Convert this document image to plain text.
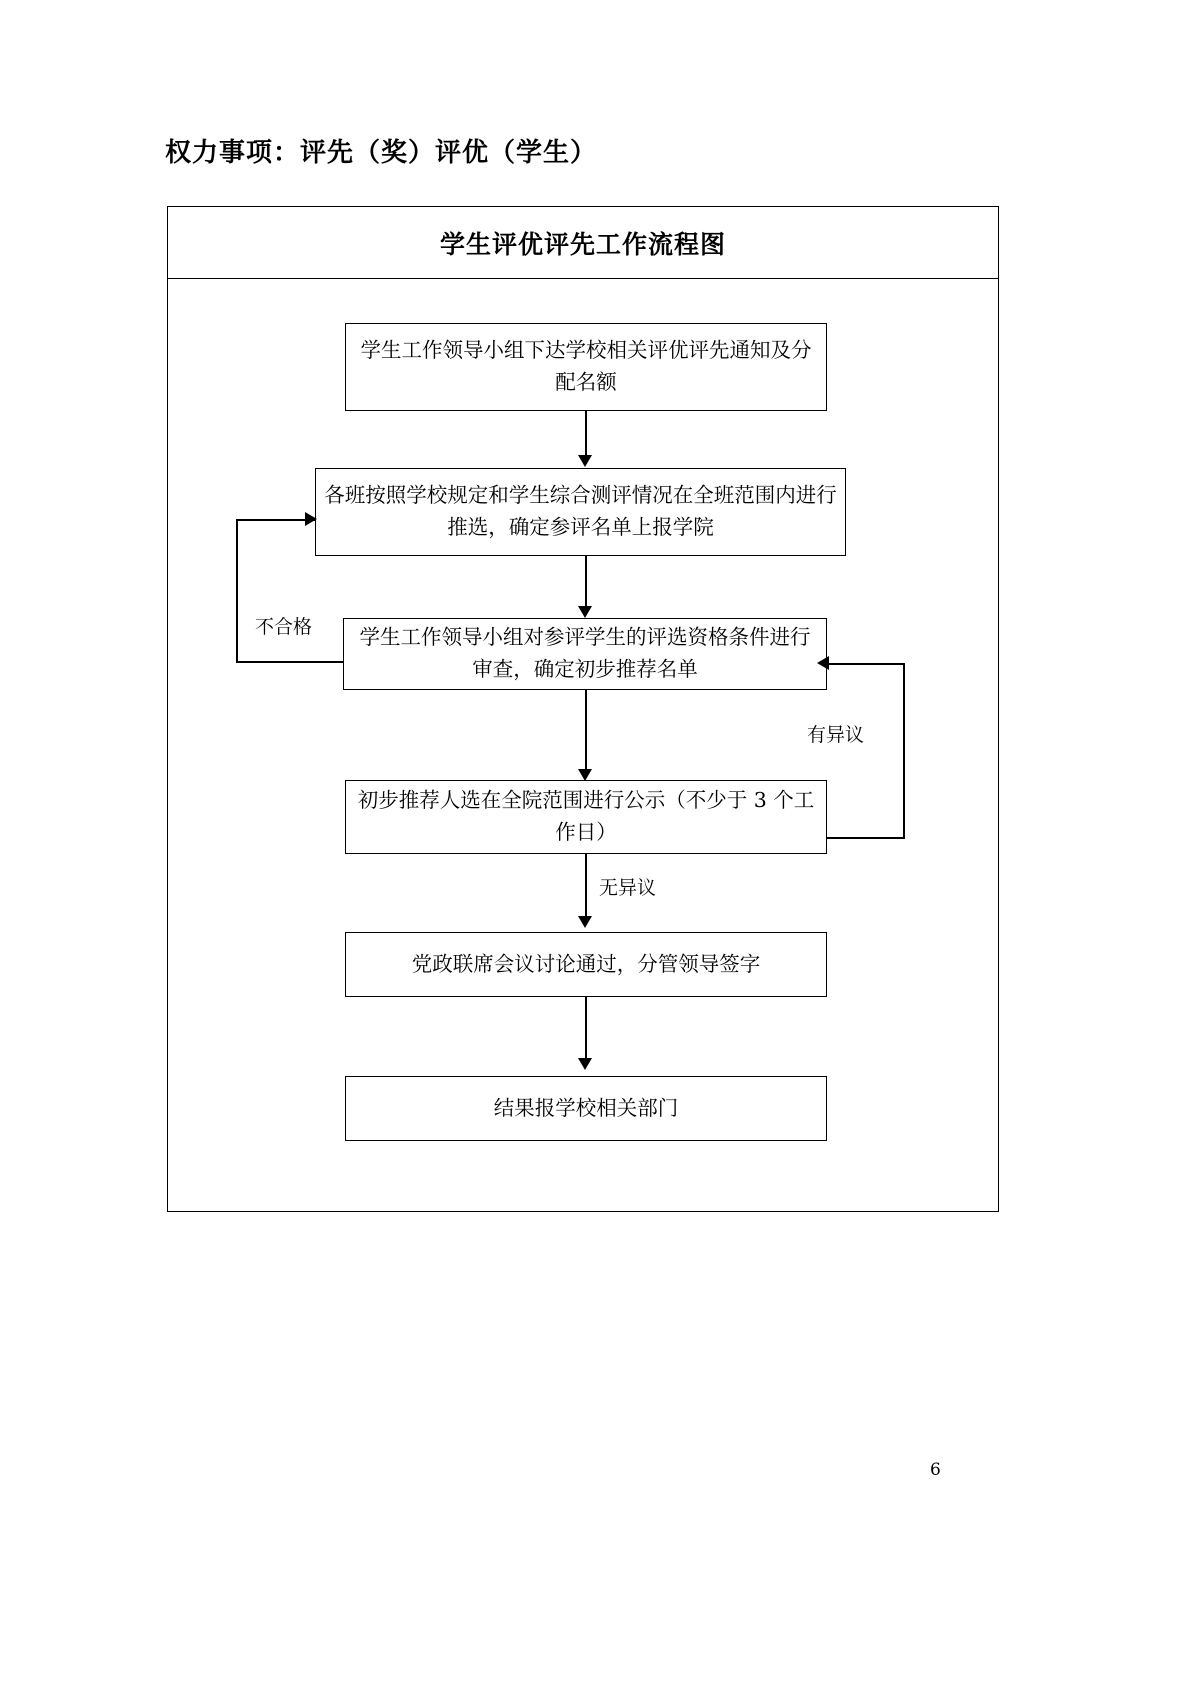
权力事项：评先（奖）评优（学生）
学生评优评先工作流程图
学生工作领导小组下达学校相关评优评先通知及分配名额
各班按照学校规定和学生综合测评情况在全班范围内进行推选，确定参评名单上报学院
学生工作领导小组对参评学生的评选资格条件进行审查，确定初步推荐名单
不合格
初步推荐人选在全院范围进行公示（不少于 3 个工作日）
有异议
无异议
党政联席会议讨论通过，分管领导签字
结果报学校相关部门
6
